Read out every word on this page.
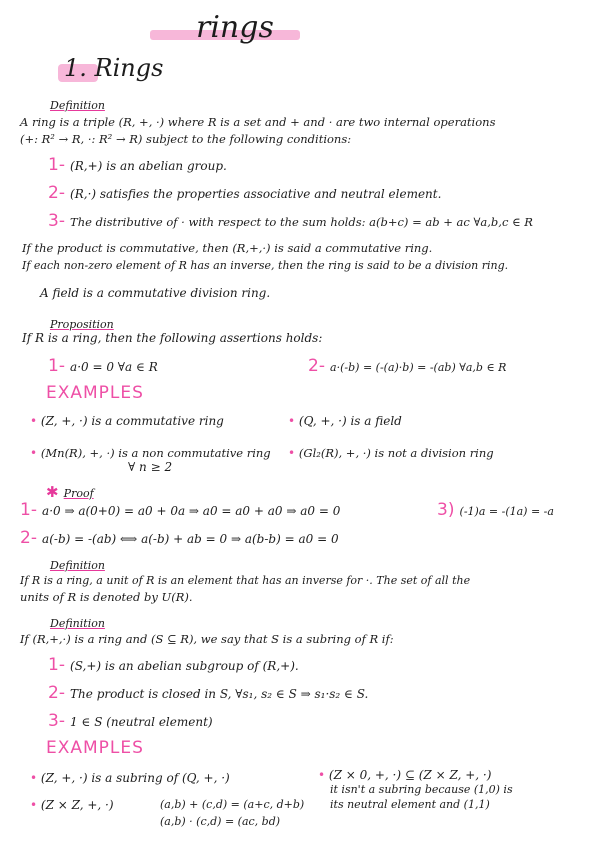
rings
1. Rings
Definition
A ring is a triple (R, +, ·) where R is a set and + and · are two internal operations
(+: R² → R, ·: R² → R) subject to the following conditions:
1- (R,+) is an abelian group.
2- (R,·) satisfies the properties associative and neutral element.
3- The distributive of · with respect to the sum holds: a(b+c) = ab + ac ∀a,b,c ∈ R
If the product is commutative, then (R,+,·) is said a commutative ring.
If each non-zero element of R has an inverse, then the ring is said to be a division ring.
A field is a commutative division ring.
Proposition
If R is a ring, then the following assertions holds:
1- a·0 = 0 ∀a ∈ R	2- a·(-b) = (-(a)·b) = -(ab) ∀a,b ∈ R
EXAMPLES
• (Z, +, ·) is a commutative ring	• (Q, +, ·) is a field
• (Mn(R), +, ·) is a non commutative ring
∀ n ≥ 2
• (Gl₂(R), +, ·) is not a division ring
✱ Proof
1- a·0 ⇒ a(0+0) = a0 + 0a ⇒ a0 = a0 + a0 ⇒ a0 = 0	3) (-1)a = -(1a) = -a
2- a(-b) = -(ab) ⟺ a(-b) + ab = 0 ⇒ a(b-b) = a0 = 0
Definition
If R is a ring, a unit of R is an element that has an inverse for ·. The set of all the
units of R is denoted by U(R).
Definition
If (R,+,·) is a ring and (S ⊆ R), we say that S is a subring of R if:
1- (S,+) is an abelian subgroup of (R,+).
2- The product is closed in S, ∀s₁, s₂ ∈ S ⇒ s₁·s₂ ∈ S.
3- 1 ∈ S (neutral element)
EXAMPLES
• (Z, +, ·) is a subring of (Q, +, ·)	• (Z × 0, +, ·) ⊆ (Z × Z, +, ·)
it isn't a subring because (1,0) is
its neutral element and (1,1)
• (Z × Z, +, ·)	(a,b) + (c,d) = (a+c, d+b)
(a,b) · (c,d) = (ac, bd)
